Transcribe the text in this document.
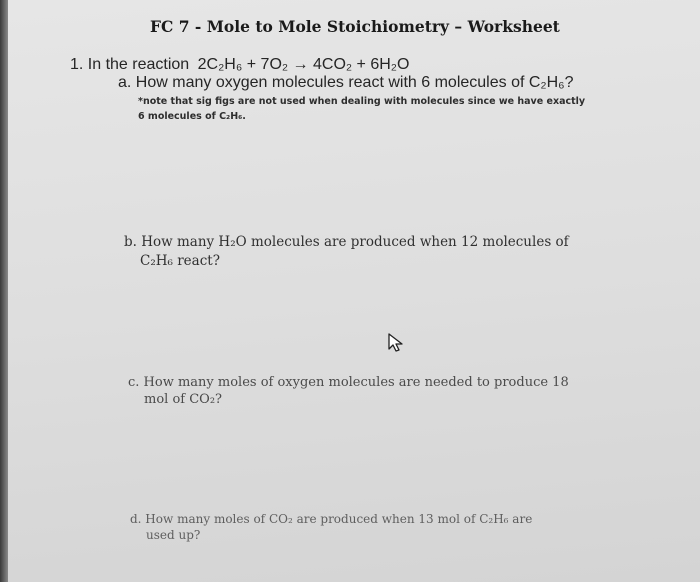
FC 7 - Mole to Mole Stoichiometry – Worksheet
1. In the reaction 2C₂H₆ + 7O₂ → 4CO₂ + 6H₂O
a. How many oxygen molecules react with 6 molecules of C₂H₆?
*note that sig figs are not used when dealing with molecules since we have exactly
6 molecules of C₂H₆.
b. How many H₂O molecules are produced when 12 molecules of
C₂H₆ react?
c. How many moles of oxygen molecules are needed to produce 18
mol of CO₂?
d. How many moles of CO₂ are produced when 13 mol of C₂H₆ are
used up?
